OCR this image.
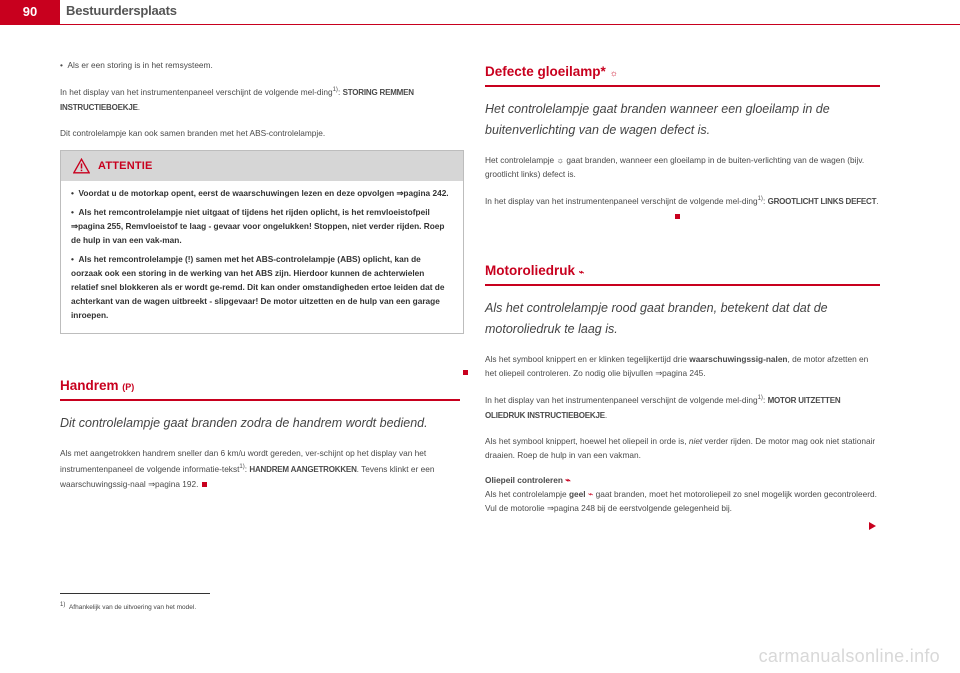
90	Bestuurdersplaats

•  Als er een storing is in het remsysteem.

In het display van het instrumentenpaneel verschijnt de volgende mel-ding$^{1)}$: STORING REMMEN INSTRUCTIEBOEKJE.

Dit controlelampje kan ook samen branden met het ABS-controlelampje.

ATTENTIE

•  Voordat u de motorkap opent, eerst de waarschuwingen lezen en deze opvolgen ⇒pagina 242.

•  Als het remcontrolelampje niet uitgaat of tijdens het rijden oplicht, is het remvloeistofpeil ⇒pagina 255, Remvloeistof te laag - gevaar voor ongelukken! Stoppen, niet verder rijden. Roep de hulp in van een vak-man.

•  Als het remcontrolelampje (!) samen met het ABS-controlelampje (ABS) oplicht, kan de oorzaak ook een storing in de werking van het ABS zijn. Hierdoor kunnen de achterwielen relatief snel blokkeren als er wordt ge-remd. Dit kan onder omstandigheden ertoe leiden dat de achterkant van de wagen uitbreekt - slipgevaar! De motor uitzetten en de hulp van een garage inroepen.

Handrem (P)
Dit controlelampje gaat branden zodra de handrem wordt bediend.

Als met aangetrokken handrem sneller dan 6 km/u wordt gereden, ver-schijnt op het display van het instrumentenpaneel de volgende informatie-tekst$^{1)}$: HANDREM AANGETROKKEN. Tevens klinkt er een waarschuwingssig-naal ⇒pagina 192.

Defecte gloeilamp* ☼
Het controlelampje gaat branden wanneer een gloeilamp in de buitenverlichting van de wagen defect is.

Het controlelampje ☼ gaat branden, wanneer een gloeilamp in de buiten-verlichting van de wagen (bijv. grootlicht links) defect is.

In het display van het instrumentenpaneel verschijnt de volgende mel-ding$^{1)}$: GROOTLICHT LINKS DEFECT.

Motoroliedruk ⌁
Als het controlelampje rood gaat branden, betekent dat dat de motoroliedruk te laag is.

Als het symbool knippert en er klinken tegelijkertijd drie waarschuwingssig-nalen, de motor afzetten en het oliepeil controleren. Zo nodig olie bijvullen ⇒pagina 245.

In het display van het instrumentenpaneel verschijnt de volgende mel-ding$^{1)}$: MOTOR UITZETTEN OLIEDRUK INSTRUCTIEBOEKJE.

Als het symbool knippert, hoewel het oliepeil in orde is, niet verder rijden. De motor mag ook niet stationair draaien. Roep de hulp in van een vakman.

Oliepeil controleren ⌁

Als het controlelampje geel ⌁ gaat branden, moet het motoroliepeil zo snel mogelijk worden gecontroleerd. Vul de motorolie ⇒pagina 248 bij de eerstvolgende gelegenheid bij.

$^{1)}$ Afhankelijk van de uitvoering van het model.
carmanualsonline.info
